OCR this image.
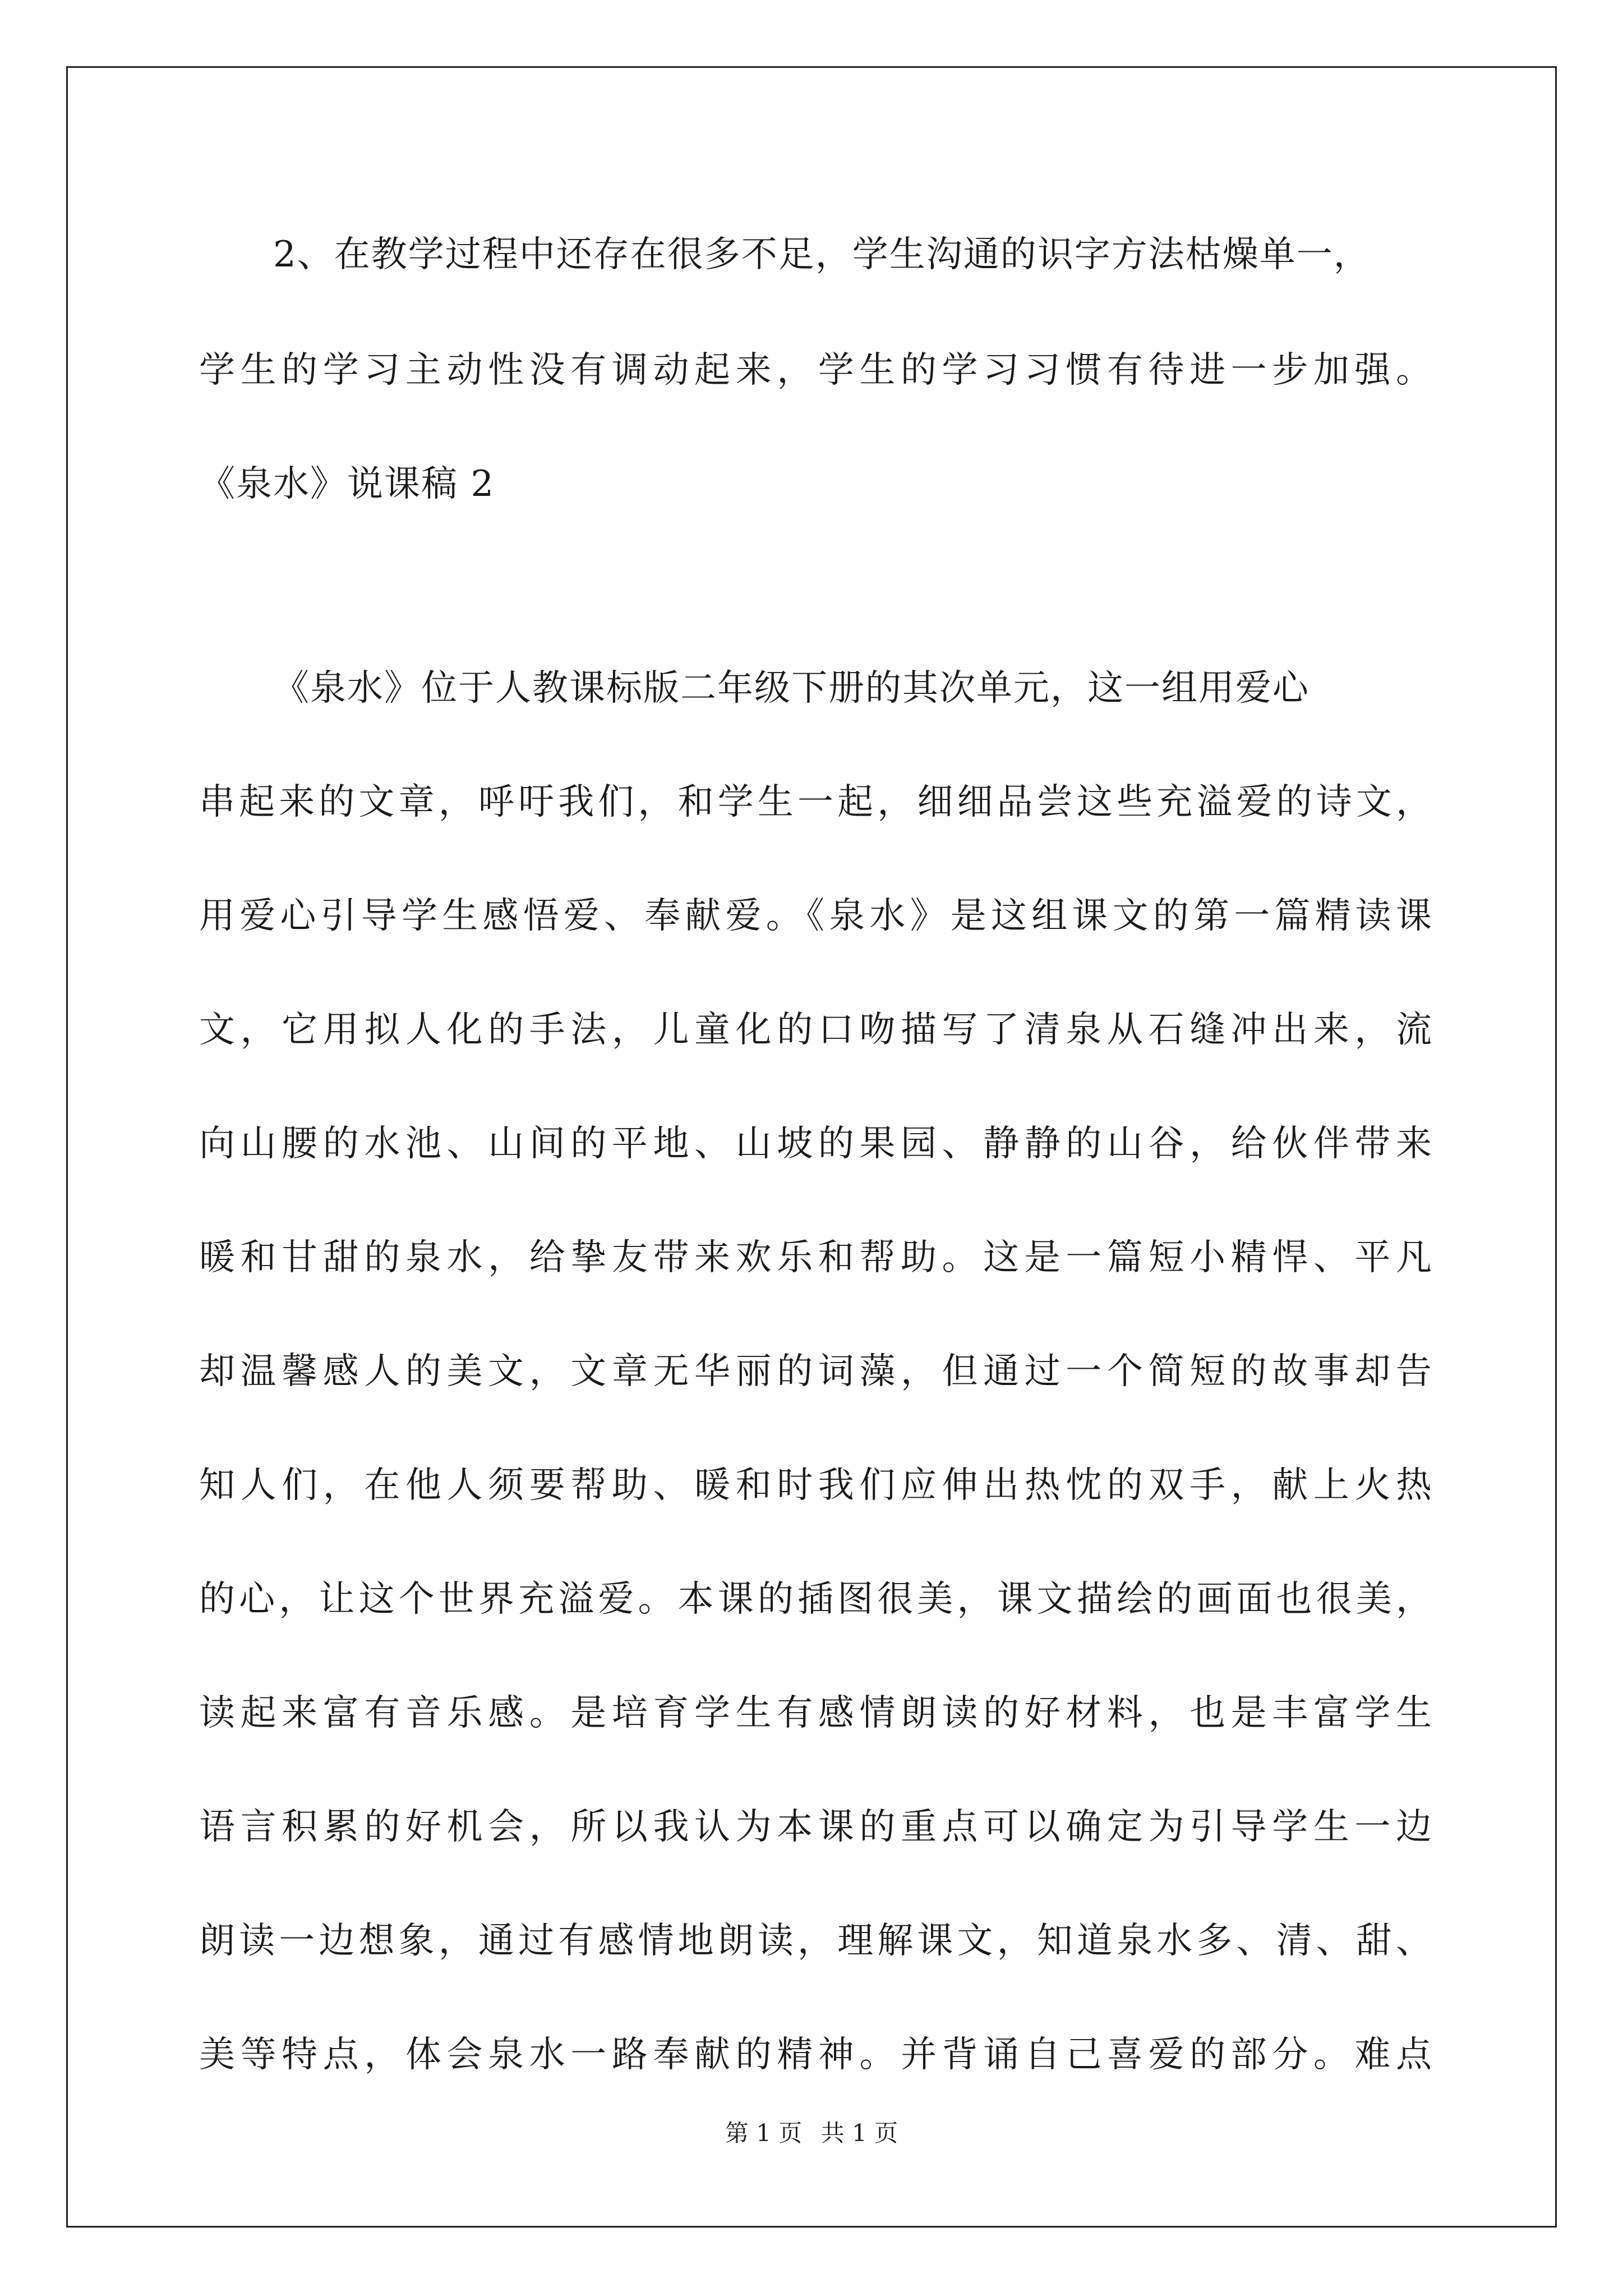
2、在教学过程中还存在很多不足，学生沟通的识字方法枯燥单一，
学生的学习主动性没有调动起来，学生的学习习惯有待进一步加强。
《泉水》说课稿 2
《泉水》位于人教课标版二年级下册的其次单元，这一组用爱心
串起来的文章，呼吁我们，和学生一起，细细品尝这些充溢爱的诗文，
用爱心引导学生感悟爱、奉献爱。《泉水》是这组课文的第一篇精读课
文，它用拟人化的手法，儿童化的口吻描写了清泉从石缝冲出来，流
向山腰的水池、山间的平地、山坡的果园、静静的山谷，给伙伴带来
暖和甘甜的泉水，给挚友带来欢乐和帮助。这是一篇短小精悍、平凡
却温馨感人的美文，文章无华丽的词藻，但通过一个简短的故事却告
知人们，在他人须要帮助、暖和时我们应伸出热忱的双手，献上火热
的心，让这个世界充溢爱。本课的插图很美，课文描绘的画面也很美，
读起来富有音乐感。是培育学生有感情朗读的好材料，也是丰富学生
语言积累的好机会，所以我认为本课的重点可以确定为引导学生一边
朗读一边想象，通过有感情地朗读，理解课文，知道泉水多、清、甜、
美等特点，体会泉水一路奉献的精神。并背诵自己喜爱的部分。难点
第 1 页 共 1 页
